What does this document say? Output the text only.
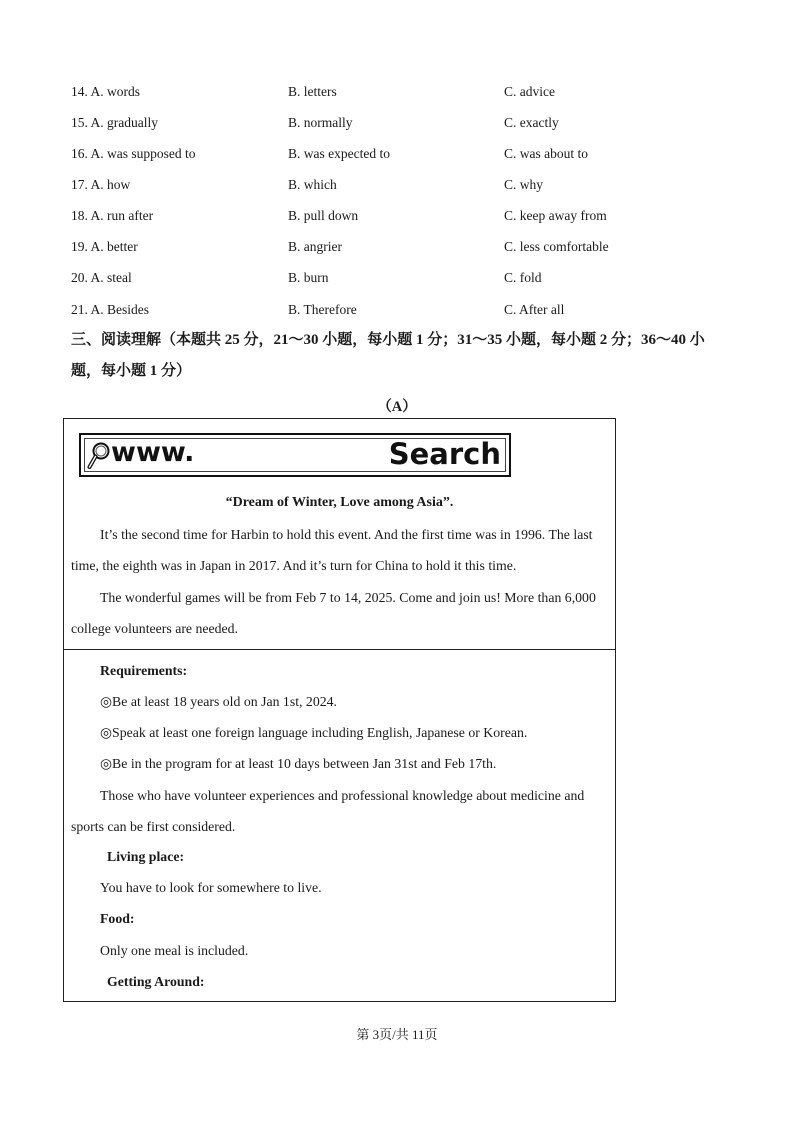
14. A. words	B. letters	C. advice
15. A. gradually	B. normally	C. exactly
16. A. was supposed to	B. was expected to	C. was about to
17. A. how	B. which	C. why
18. A. run after	B. pull down	C. keep away from
19. A. better	B. angrier	C. less comfortable
20. A. steal	B. burn	C. fold
21. A. Besides	B. Therefore	C. After all
三、阅读理解（本题共 25 分，21～30 小题，每小题 1 分；31～35 小题，每小题 2 分；36～40 小题，每小题 1 分）
（A）
www.	Search
“Dream of Winter, Love among Asia”.

It’s the second time for Harbin to hold this event. And the first time was in 1996. The last time, the eighth was in Japan in 2017. And it’s turn for China to hold it this time.

The wonderful games will be from Feb 7 to 14, 2025. Come and join us! More than 6,000 college volunteers are needed.

Requirements:
◎Be at least 18 years old on Jan 1st, 2024.
◎Speak at least one foreign language including English, Japanese or Korean.
◎Be in the program for at least 10 days between Jan 31st and Feb 17th.

Those who have volunteer experiences and professional knowledge about medicine and sports can be first considered.

Living place:
You have to look for somewhere to live.
Food:
Only one meal is included.
Getting Around:
第 3页/共 11页
